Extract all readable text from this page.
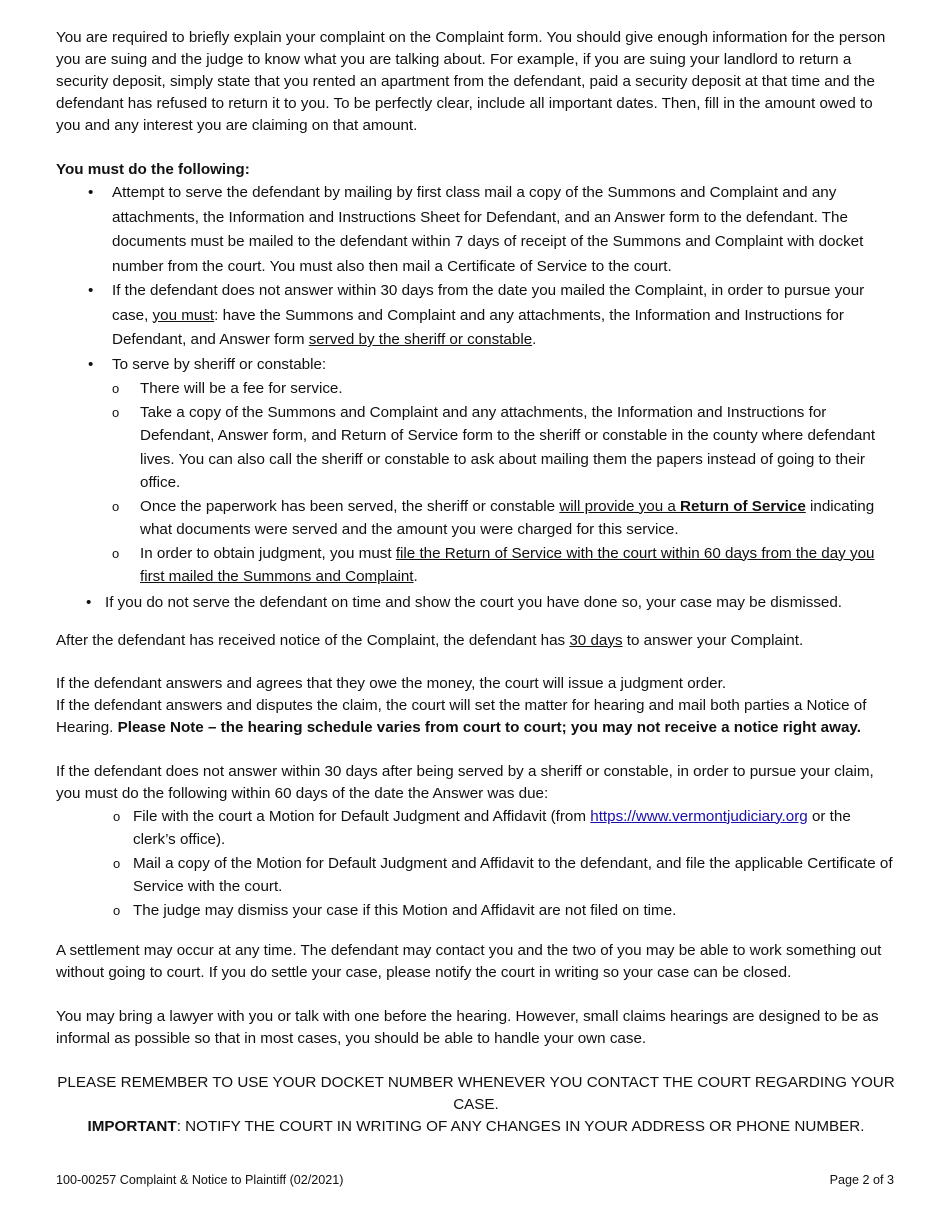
You are required to briefly explain your complaint on the Complaint form. You should give enough information for the person you are suing and the judge to know what you are talking about. For example, if you are suing your landlord to return a security deposit, simply state that you rented an apartment from the defendant, paid a security deposit at that time and the defendant has refused to return it to you. To be perfectly clear, include all important dates. Then, fill in the amount owed to you and any interest you are claiming on that amount.

You must do the following:

• Attempt to serve the defendant by mailing by first class mail a copy of the Summons and Complaint and any attachments, the Information and Instructions Sheet for Defendant, and an Answer form to the defendant. The documents must be mailed to the defendant within 7 days of receipt of the Summons and Complaint with docket number from the court. You must also then mail a Certificate of Service to the court.
• If the defendant does not answer within 30 days from the date you mailed the Complaint, in order to pursue your case, you must: have the Summons and Complaint and any attachments, the Information and Instructions for Defendant, and Answer form served by the sheriff or constable.
• To serve by sheriff or constable:
o There will be a fee for service.
o Take a copy of the Summons and Complaint and any attachments, the Information and Instructions for Defendant, Answer form, and Return of Service form to the sheriff or constable in the county where defendant lives. You can also call the sheriff or constable to ask about mailing them the papers instead of going to their office.
o Once the paperwork has been served, the sheriff or constable will provide you a Return of Service indicating what documents were served and the amount you were charged for this service.
o In order to obtain judgment, you must file the Return of Service with the court within 60 days from the day you first mailed the Summons and Complaint.
• If you do not serve the defendant on time and show the court you have done so, your case may be dismissed.

After the defendant has received notice of the Complaint, the defendant has 30 days to answer your Complaint.

If the defendant answers and agrees that they owe the money, the court will issue a judgment order.

If the defendant answers and disputes the claim, the court will set the matter for hearing and mail both parties a Notice of Hearing. Please Note – the hearing schedule varies from court to court; you may not receive a notice right away.

If the defendant does not answer within 30 days after being served by a sheriff or constable, in order to pursue your claim, you must do the following within 60 days of the date the Answer was due:

o File with the court a Motion for Default Judgment and Affidavit (from https://www.vermontjudiciary.org or the clerk’s office).
o Mail a copy of the Motion for Default Judgment and Affidavit to the defendant, and file the applicable Certificate of Service with the court.
o The judge may dismiss your case if this Motion and Affidavit are not filed on time.

A settlement may occur at any time. The defendant may contact you and the two of you may be able to work something out without going to court. If you do settle your case, please notify the court in writing so your case can be closed.

You may bring a lawyer with you or talk with one before the hearing. However, small claims hearings are designed to be as informal as possible so that in most cases, you should be able to handle your own case.

PLEASE REMEMBER TO USE YOUR DOCKET NUMBER WHENEVER YOU CONTACT THE COURT REGARDING YOUR CASE.

IMPORTANT: NOTIFY THE COURT IN WRITING OF ANY CHANGES IN YOUR ADDRESS OR PHONE NUMBER.

100-00257 Complaint & Notice to Plaintiff (02/2021)	Page 2 of 3
